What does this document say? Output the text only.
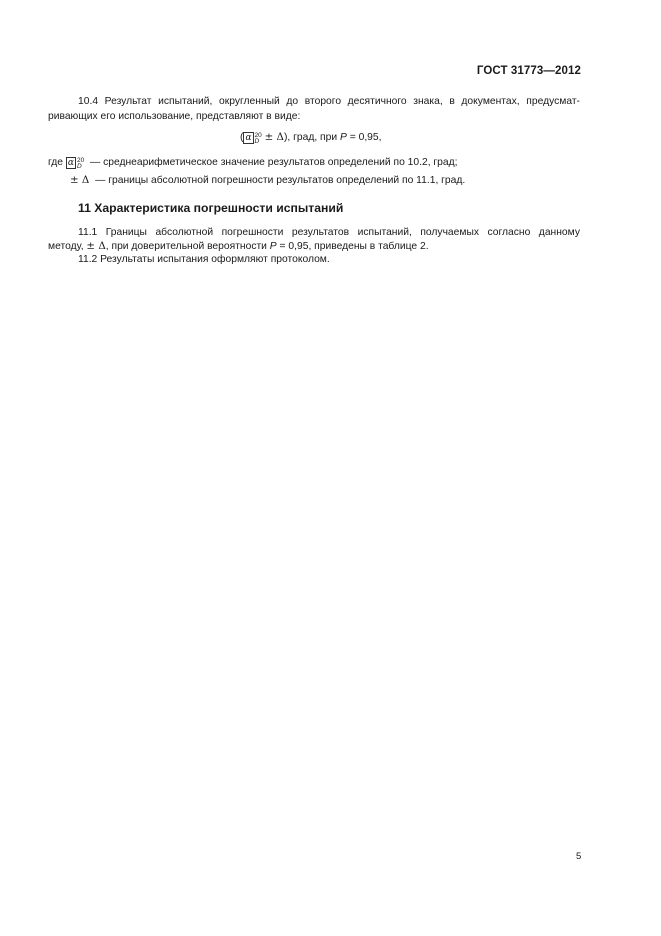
ГОСТ 31773—2012
10.4 Результат испытаний, округленный до второго десятичного знака, в документах, предусмат-
ривающих его использование, представляют в виде:
( α 20
D ± Δ), град, при P = 0,95,
где α 20
D — среднеарифметическое значение результатов определений по 10.2, град;
± Δ — границы абсолютной погрешности результатов определений по 11.1, град.
11 Характеристика погрешности испытаний
11.1 Границы абсолютной погрешности результатов испытаний, получаемых согласно данному
методу, ± Δ, при доверительной вероятности P = 0,95, приведены в таблице 2.
11.2 Результаты испытания оформляют протоколом.
5
